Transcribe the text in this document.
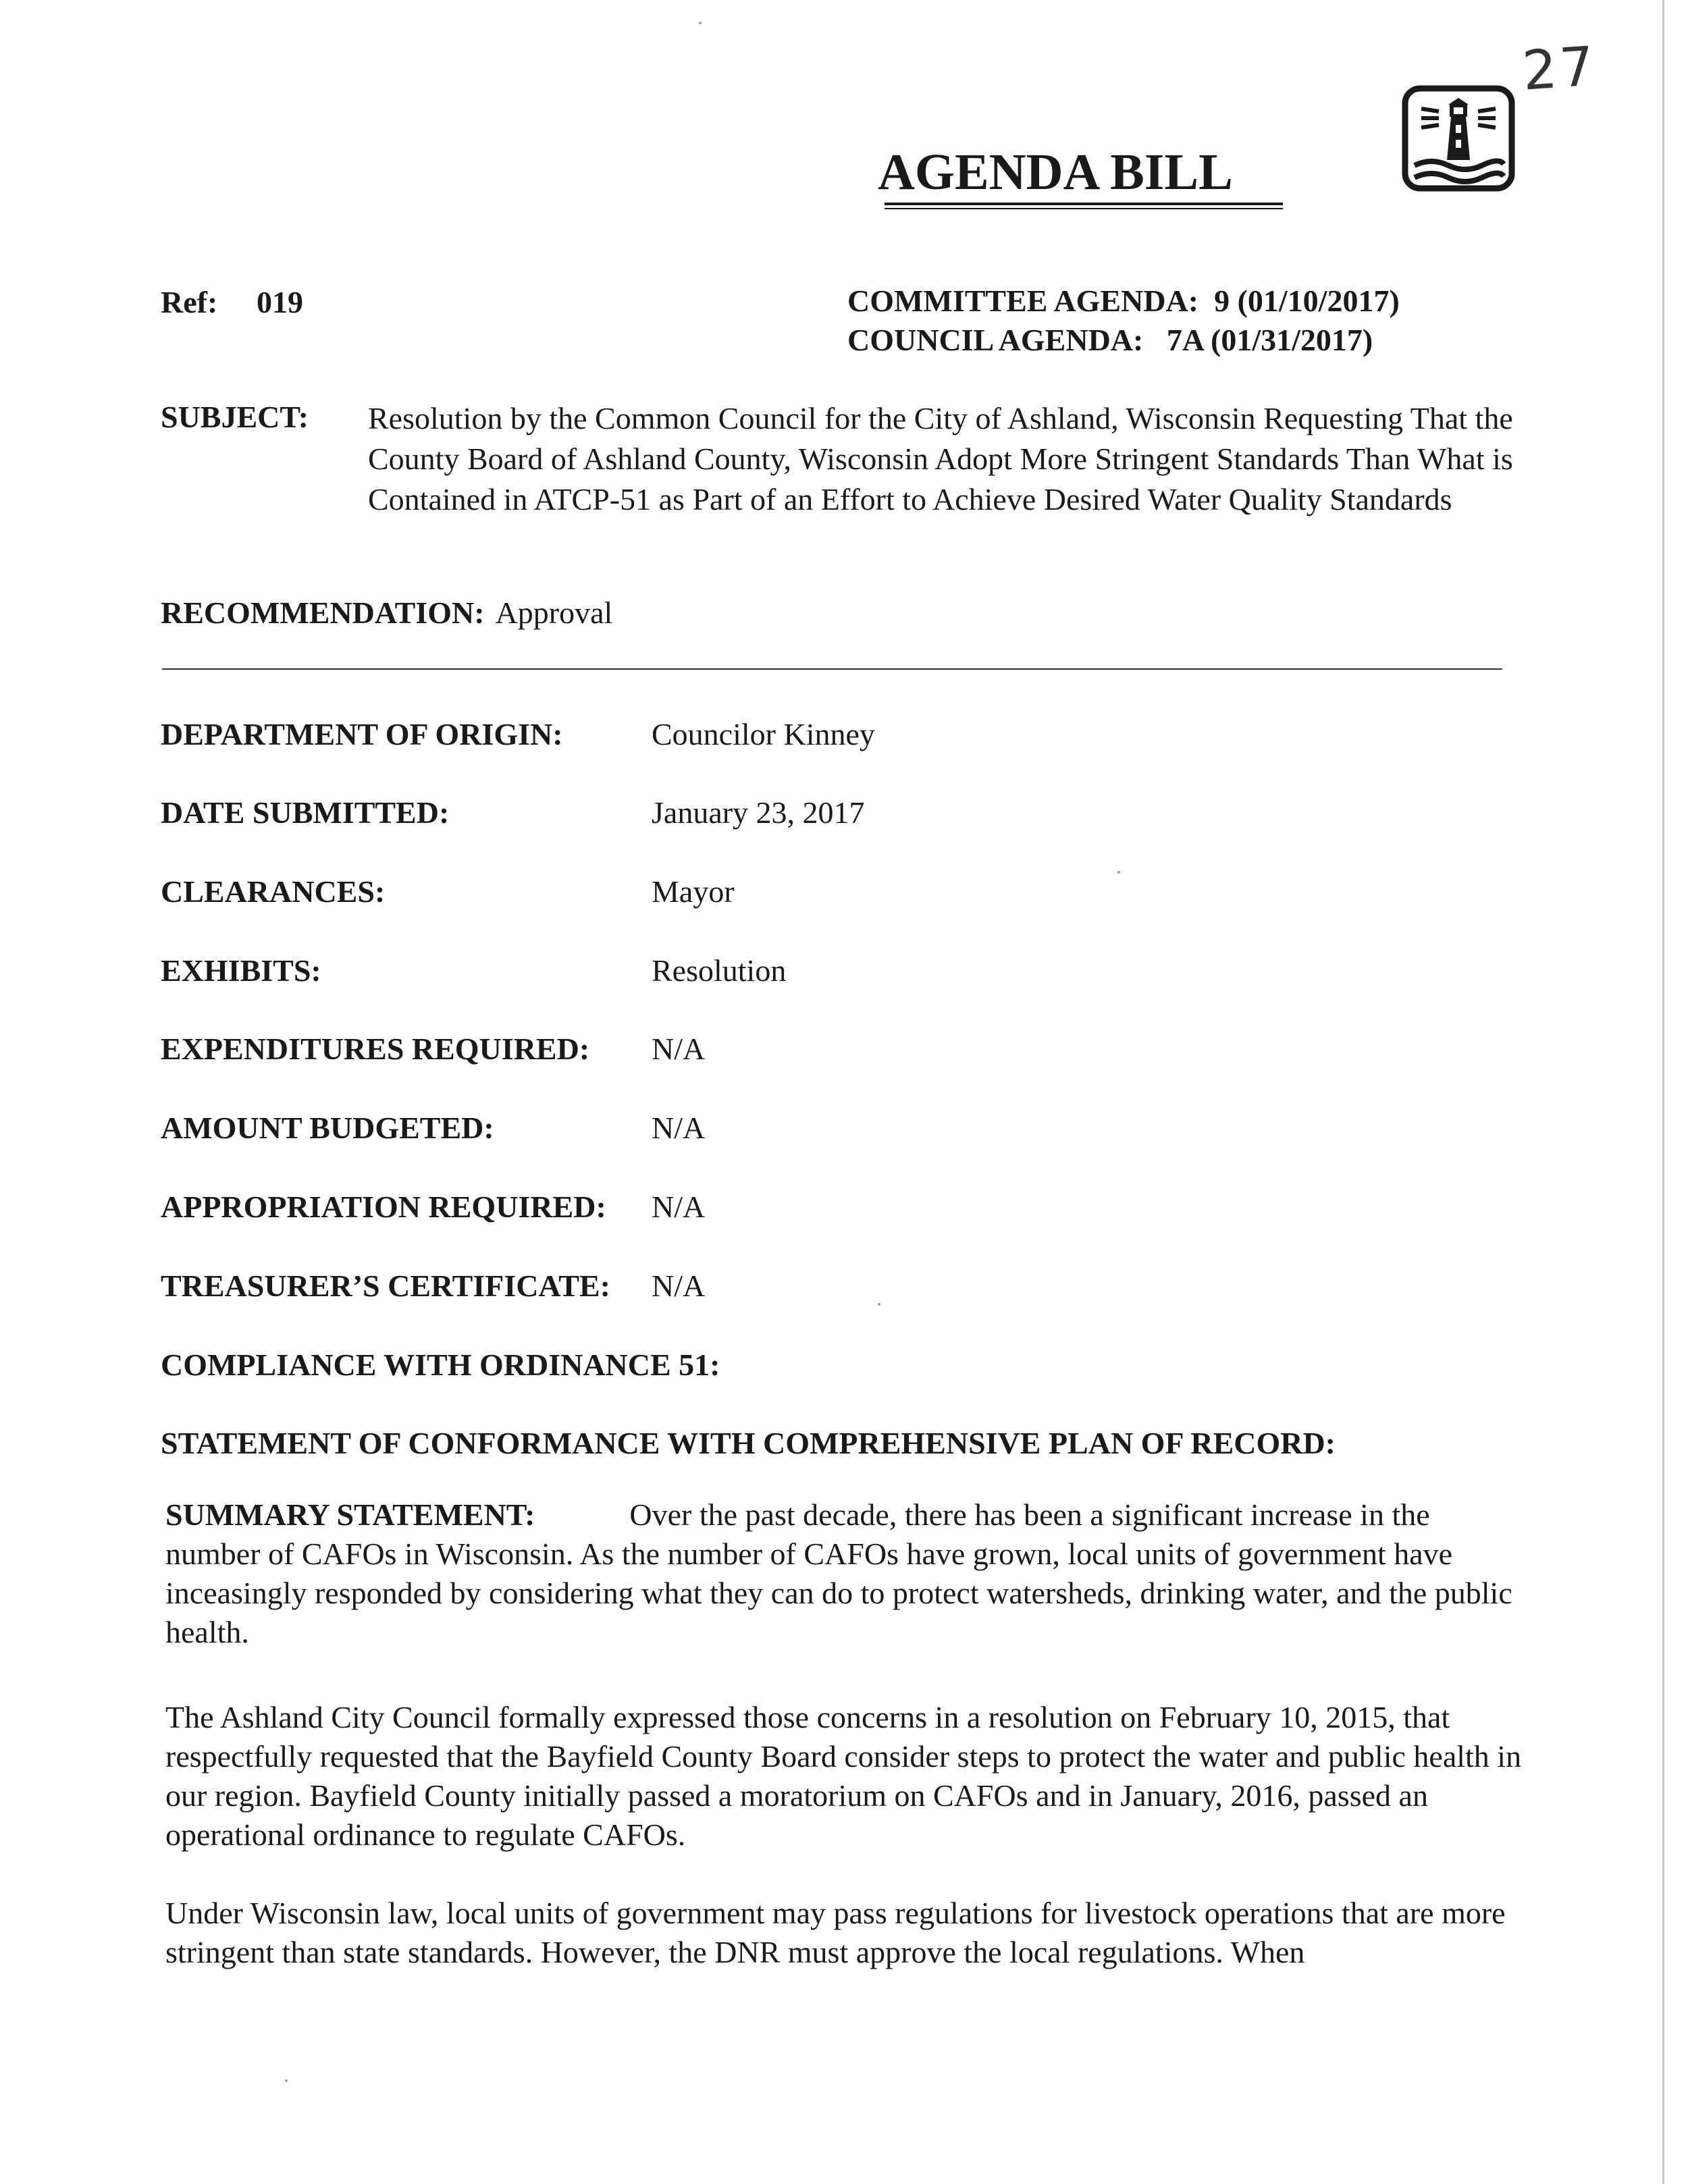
27
AGENDA BILL
Ref: 019	COMMITTEE AGENDA:  9 (01/10/2017)
COUNCIL AGENDA:   7A (01/31/2017)
SUBJECT: Resolution by the Common Council for the City of Ashland, Wisconsin Requesting That the County Board of Ashland County, Wisconsin Adopt More Stringent Standards Than What is Contained in ATCP-51 as Part of an Effort to Achieve Desired Water Quality Standards
RECOMMENDATION: Approval
DEPARTMENT OF ORIGIN:	Councilor Kinney
DATE SUBMITTED:	January 23, 2017
CLEARANCES:	Mayor
EXHIBITS:	Resolution
EXPENDITURES REQUIRED: N/A
AMOUNT BUDGETED:	N/A
APPROPRIATION REQUIRED: N/A
TREASURER’S CERTIFICATE: N/A
COMPLIANCE WITH ORDINANCE 51:
STATEMENT OF CONFORMANCE WITH COMPREHENSIVE PLAN OF RECORD:
SUMMARY STATEMENT:	Over the past decade, there has been a significant increase in the number of CAFOs in Wisconsin. As the number of CAFOs have grown, local units of government have inceasingly responded by considering what they can do to protect watersheds, drinking water, and the public health.
The Ashland City Council formally expressed those concerns in a resolution on February 10, 2015, that respectfully requested that the Bayfield County Board consider steps to protect the water and public health in our region. Bayfield County initially passed a moratorium on CAFOs and in January, 2016, passed an operational ordinance to regulate CAFOs.
Under Wisconsin law, local units of government may pass regulations for livestock operations that are more stringent than state standards. However, the DNR must approve the local regulations. When
